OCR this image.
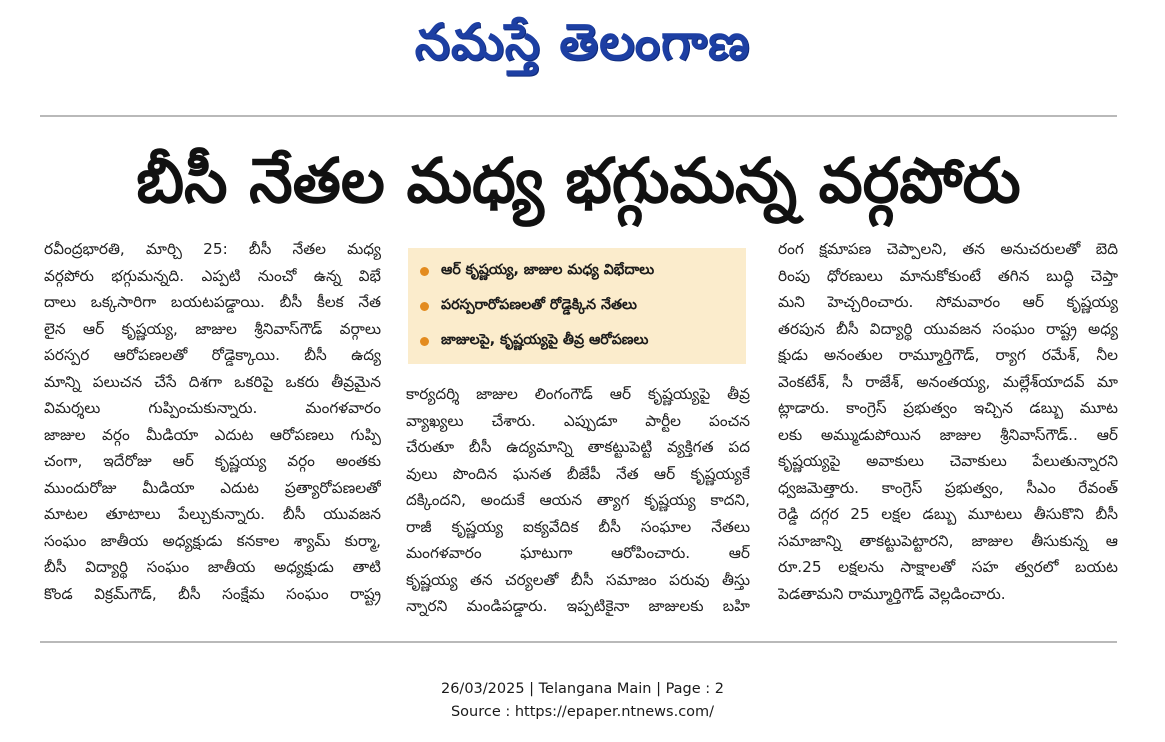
నమస్తే తెలంగాణ
బీసీ నేతల మధ్య భగ్గుమన్న వర్గపోరు

రవీంద్రభారతి, మార్చి 25: బీసీ నేతల మధ్య

వర్గపోరు భగ్గుమన్నది. ఎప్పటి నుంచో ఉన్న విభే

దాలు ఒక్కసారిగా బయటపడ్డాయి. బీసీ కీలక నేత

లైన ఆర్ కృష్ణయ్య, జాజుల శ్రీనివాస్‌గౌడ్ వర్గాలు

పరస్పర ఆరోపణలతో రోడ్డెక్కాయి. బీసీ ఉద్య

మాన్ని పలుచన చేసే దిశగా ఒకరిపై ఒకరు తీవ్రమైన

విమర్శలు గుప్పించుకున్నారు. మంగళవారం

జాజుల వర్గం మీడియా ఎదుట ఆరోపణలు గుప్పి

చంగా, ఇదేరోజు ఆర్ కృష్ణయ్య వర్గం అంతకు

ముందురోజు మీడియా ఎదుట ప్రత్యారోపణలతో

మాటల తూటాలు పేల్చుకున్నారు. బీసీ యువజన

సంఘం జాతీయ అధ్యక్షుడు కనకాల శ్యామ్ కుర్మా,

బీసీ విద్యార్థి సంఘం జాతీయ అధ్యక్షుడు తాటి

కొండ విక్రమ్‌గౌడ్, బీసీ సంక్షేమ సంఘం రాష్ట్ర

ఆర్ కృష్ణయ్య, జాజుల మధ్య విభేదాలు
పరస్పరారోపణలతో రోడ్డెక్కిన నేతలు
జాజులపై, కృష్ణయ్యపై తీవ్ర ఆరోపణలు

కార్యదర్శి జాజుల లింగంగౌడ్ ఆర్ కృష్ణయ్యపై తీవ్ర

వ్యాఖ్యలు చేశారు. ఎప్పుడూ పార్టీల పంచన

చేరుతూ బీసీ ఉద్యమాన్ని తాకట్టుపెట్టి వ్యక్తిగత పద

వులు పొందిన ఘనత బీజేపీ నేత ఆర్ కృష్ణయ్యకే

దక్కిందని, అందుకే ఆయన త్యాగ కృష్ణయ్య కాదని,

రాజీ కృష్ణయ్య ఐక్యవేదిక బీసీ సంఘాల నేతలు

మంగళవారం ఘాటుగా ఆరోపించారు. ఆర్

కృష్ణయ్య తన చర్యలతో బీసీ సమాజం పరువు తీస్తు

న్నారని మండిపడ్డారు. ఇప్పటికైనా జాజులకు బహి

రంగ క్షమాపణ చెప్పాలని, తన అనుచరులతో బెది

రింపు ధోరణులు మానుకోకుంటే తగిన బుద్ధి చెప్తా

మని హెచ్చరించారు. సోమవారం ఆర్ కృష్ణయ్య

తరపున బీసీ విద్యార్థి యువజన సంఘం రాష్ట్ర అధ్య

క్షుడు అనంతుల రామ్మూర్తిగౌడ్, ర్యాగ రమేశ్, నీల

వెంకటేశ్, సీ రాజేశ్, అనంతయ్య, మల్లేశ్‌యాదవ్ మా

ట్లాడారు. కాంగ్రెస్ ప్రభుత్వం ఇచ్చిన డబ్బు మూట

లకు అమ్ముడుపోయిన జాజుల శ్రీనివాస్‌గౌడ్.. ఆర్

కృష్ణయ్యపై అవాకులు చెవాకులు పేలుతున్నారని

ధ్వజమెత్తారు. కాంగ్రెస్ ప్రభుత్వం, సీఎం రేవంత్

రెడ్డి దగ్గర 25 లక్షల డబ్బు మూటలు తీసుకొని బీసీ

సమాజాన్ని తాకట్టుపెట్టారని, జాజుల తీసుకున్న ఆ

రూ.25 లక్షలను సాక్షాలతో సహ త్వరలో బయట

పెడతామని రామ్మూర్తిగౌడ్ వెల్లడించారు.

26/03/2025 | Telangana Main | Page : 2
Source : https://epaper.ntnews.com/
